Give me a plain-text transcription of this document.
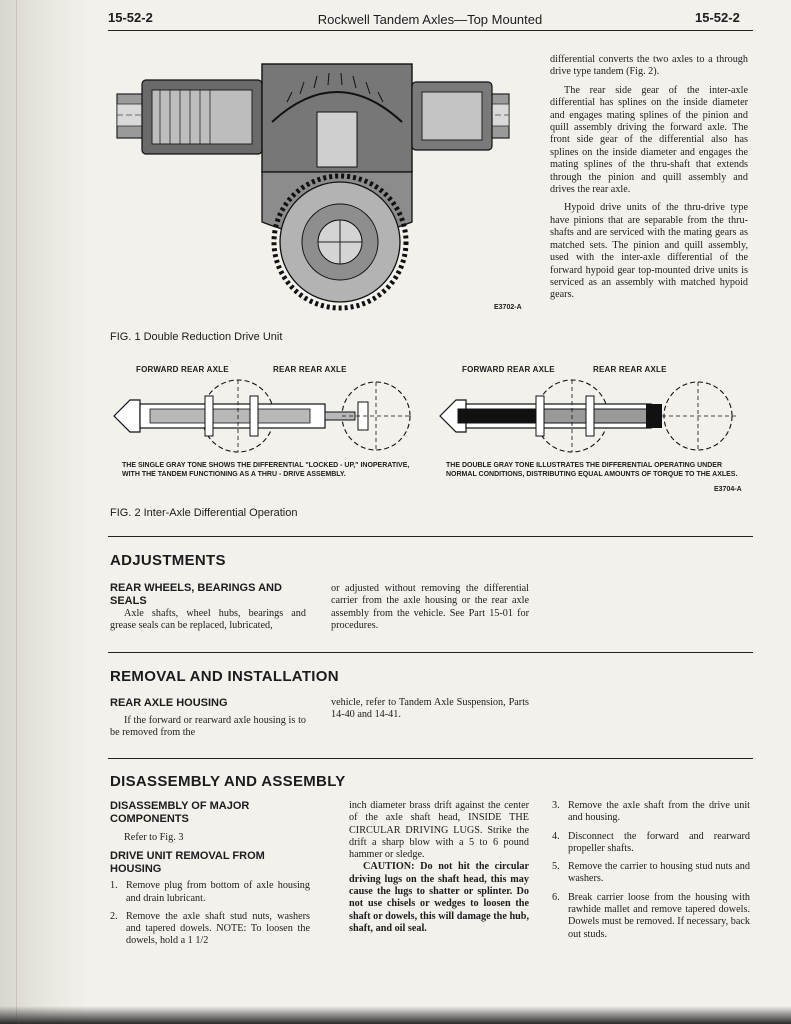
15-52-2	Rockwell Tandem Axles—Top Mounted	15-52-2
E3702-A
FIG. 1 Double Reduction Drive Unit

differential converts the two axles to a through drive type tandem (Fig. 2).

The rear side gear of the inter-axle differential has splines on the inside diameter and engages mating splines of the pinion and quill assembly driving the forward axle. The front side gear of the differential also has splines on the inside diameter and engages the mating splines of the thru-shaft that extends through the pinion and quill assembly and drives the rear axle.

Hypoid drive units of the thru-drive type have pinions that are separable from the thru-shafts and are serviced with the mating gears as matched sets. The pinion and quill assembly, used with the inter-axle differential of the forward hypoid gear top-mounted drive units is serviced as an assembly with matched hypoid gears.

FORWARD REAR AXLE	REAR REAR AXLE	FORWARD REAR AXLE	REAR REAR AXLE
THE SINGLE GRAY TONE SHOWS THE DIFFERENTIAL "LOCKED - UP," INOPERATIVE, WITH THE TANDEM FUNCTIONING AS A THRU - DRIVE ASSEMBLY.
THE DOUBLE GRAY TONE ILLUSTRATES THE DIFFERENTIAL OPERATING UNDER NORMAL CONDITIONS, DISTRIBUTING EQUAL AMOUNTS OF TORQUE TO THE AXLES.
E3704-A
FIG. 2 Inter-Axle Differential Operation
ADJUSTMENTS
REAR WHEELS, BEARINGS AND SEALS

Axle shafts, wheel hubs, bearings and grease seals can be replaced, lubricated,

or adjusted without removing the differential carrier from the axle housing or the rear axle assembly from the vehicle. See Part 15-01 for procedures.

REMOVAL AND INSTALLATION
REAR AXLE HOUSING

If the forward or rearward axle housing is to be removed from the

vehicle, refer to Tandem Axle Suspension, Parts 14-40 and 14-41.

DISASSEMBLY AND ASSEMBLY
DISASSEMBLY OF MAJOR COMPONENTS

Refer to Fig. 3

DRIVE UNIT REMOVAL FROM HOUSING
1. Remove plug from bottom of axle housing and drain lubricant.
2. Remove the axle shaft stud nuts, washers and tapered dowels. NOTE: To loosen the dowels, hold a 1 1/2

inch diameter brass drift against the center of the axle shaft head, INSIDE THE CIRCULAR DRIVING LUGS. Strike the drift a sharp blow with a 5 to 6 pound hammer or sledge.

CAUTION: Do not hit the circular driving lugs on the shaft head, this may cause the lugs to shatter or splinter. Do not use chisels or wedges to loosen the shaft or dowels, this will damage the hub, shaft, and oil seal.

3. Remove the axle shaft from the drive unit and housing.
4. Disconnect the forward and rearward propeller shafts.
5. Remove the carrier to housing stud nuts and washers.
6. Break carrier loose from the housing with rawhide mallet and remove tapered dowels. Dowels must be removed. If necessary, back out studs.
